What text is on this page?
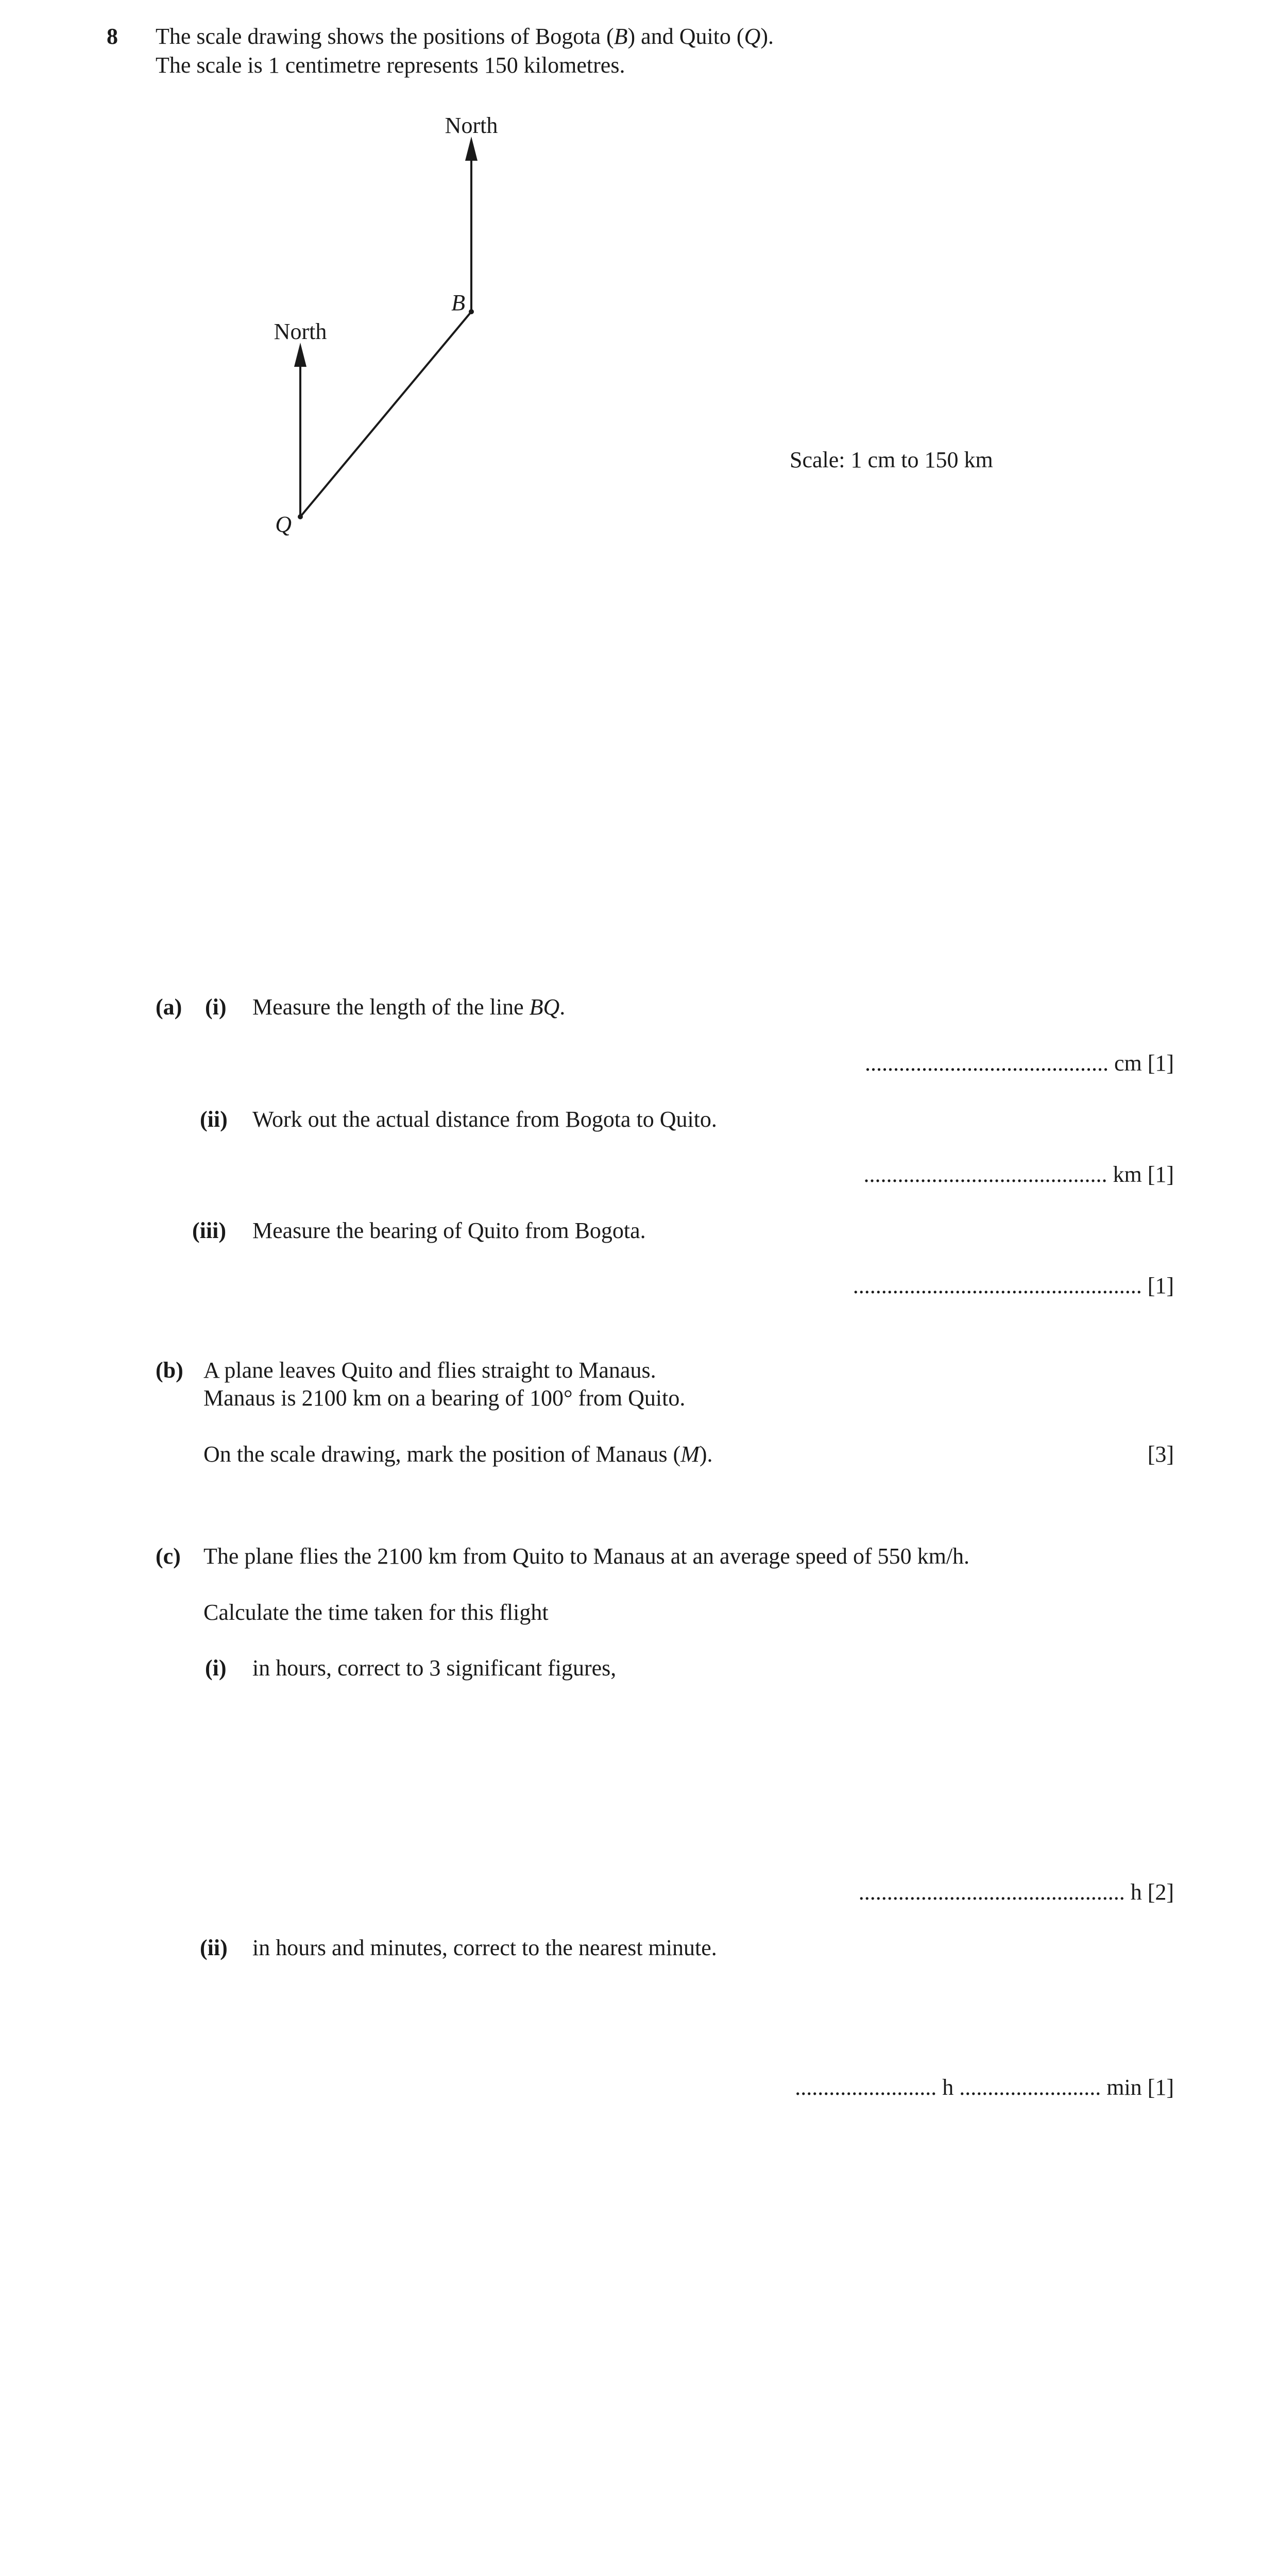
8 The scale drawing shows the positions of Bogota (B) and Quito (Q).
The scale is 1 centimetre represents 150 kilometres.
North
North
B
Q
Scale: 1 cm to 150 km
(a) (i) Measure the length of the line BQ.
........................................... cm [1]
(ii) Work out the actual distance from Bogota to Quito.
........................................... km [1]
(iii) Measure the bearing of Quito from Bogota.
................................................... [1]
(b) A plane leaves Quito and flies straight to Manaus.
Manaus is 2100 km on a bearing of 100° from Quito.
On the scale drawing, mark the position of Manaus (M).	[3]
(c) The plane flies the 2100 km from Quito to Manaus at an average speed of 550 km/h.
Calculate the time taken for this flight
(i) in hours, correct to 3 significant figures,
............................................... h [2]
(ii) in hours and minutes, correct to the nearest minute.
......................... h ......................... min [1]
